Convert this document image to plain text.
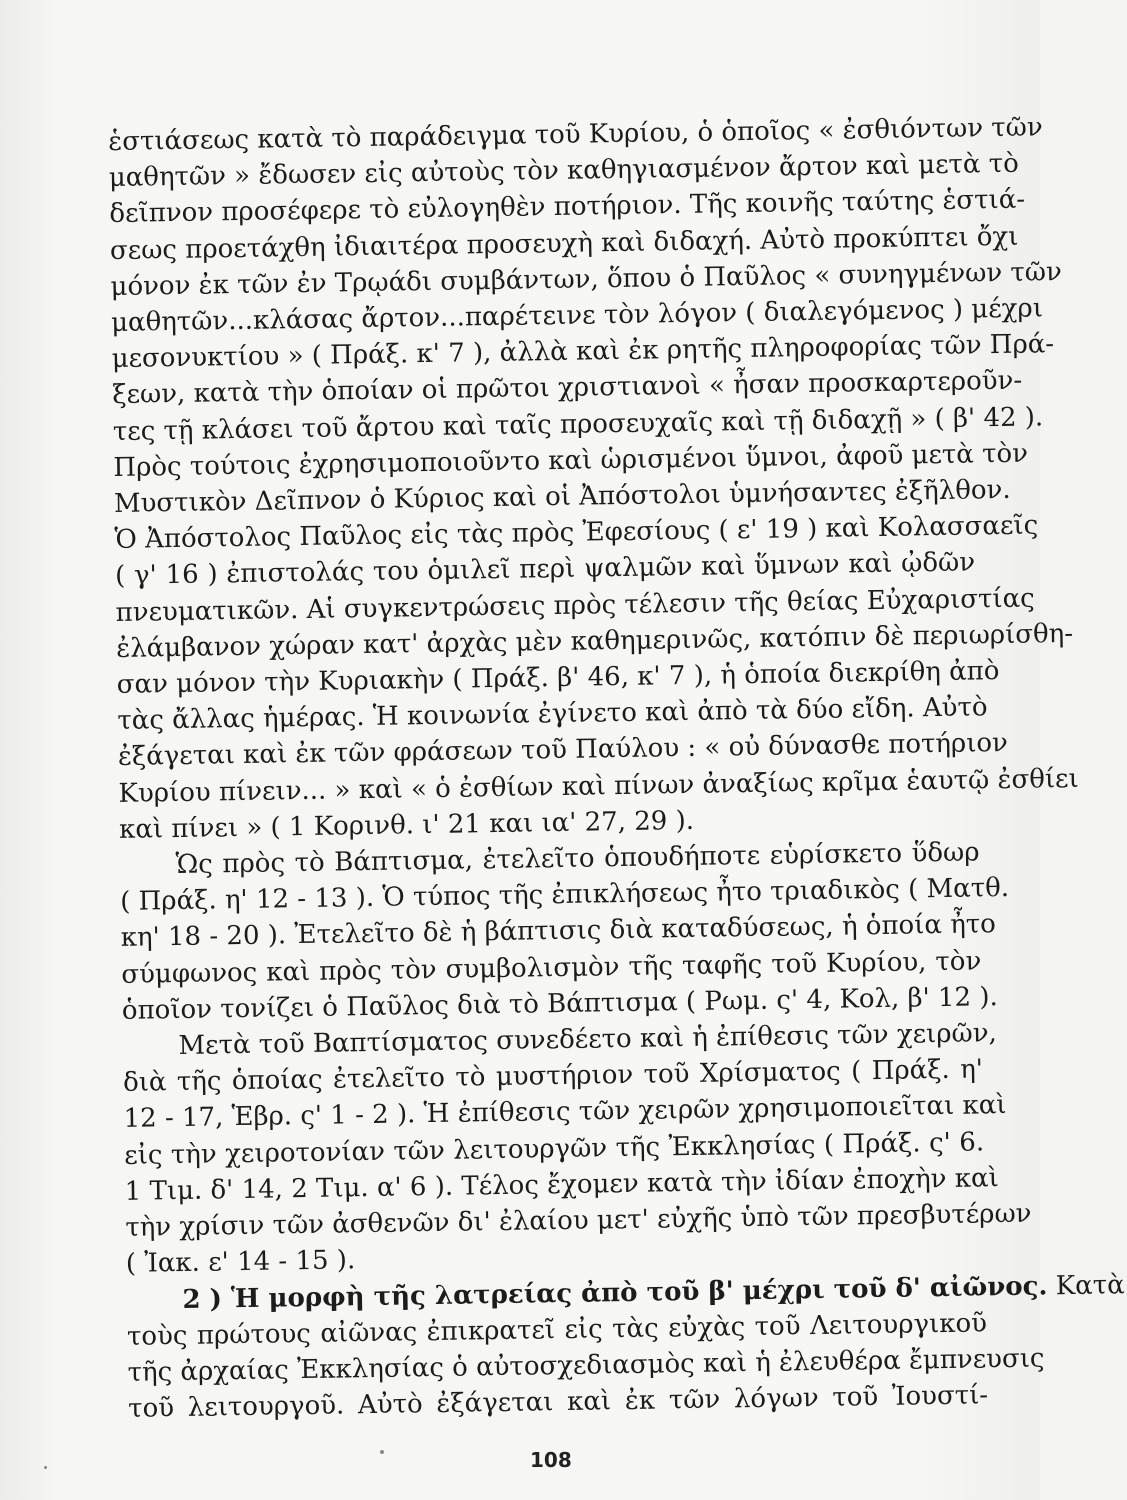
ἑστιάσεως κατὰ τὸ παράδειγμα τοῦ Κυρίου, ὁ ὁποῖος « ἐσθιόντων τῶν
μαθητῶν » ἔδωσεν εἰς αὐτοὺς τὸν καθηγιασμένον ἄρτον καὶ μετὰ τὸ
δεῖπνον προσέφερε τὸ εὐλογηθὲν ποτήριον. Τῆς κοινῆς ταύτης ἑστιά-
σεως προετάχθη ἰδιαιτέρα προσευχὴ καὶ διδαχή. Αὐτὸ προκύπτει ὄχι
μόνον ἐκ τῶν ἐν Τρῳάδι συμβάντων, ὅπου ὁ Παῦλος « συνηγμένων τῶν
μαθητῶν...κλάσας ἄρτον...παρέτεινε τὸν λόγον ( διαλεγόμενος ) μέχρι
μεσονυκτίου » ( Πράξ. κ' 7 ), ἀλλὰ καὶ ἐκ ρητῆς πληροφορίας τῶν Πρά-
ξεων, κατὰ τὴν ὁποίαν οἱ πρῶτοι χριστιανοὶ « ἦσαν προσκαρτεροῦν-
τες τῇ κλάσει τοῦ ἄρτου καὶ ταῖς προσευχαῖς καὶ τῇ διδαχῇ » ( β' 42 ).
Πρὸς τούτοις ἐχρησιμοποιοῦντο καὶ ὡρισμένοι ὕμνοι, ἀφοῦ μετὰ τὸν
Μυστικὸν Δεῖπνον ὁ Κύριος καὶ οἱ Ἀπόστολοι ὑμνήσαντες ἐξῆλθον.
Ὁ Ἀπόστολος Παῦλος εἰς τὰς πρὸς Ἐφεσίους ( ε' 19 ) καὶ Κολασσαεῖς
( γ' 16 ) ἐπιστολάς του ὁμιλεῖ περὶ ψαλμῶν καὶ ὕμνων καὶ ᾠδῶν
πνευματικῶν. Αἱ συγκεντρώσεις πρὸς τέλεσιν τῆς θείας Εὐχαριστίας
ἐλάμβανον χώραν κατ' ἀρχὰς μὲν καθημερινῶς, κατόπιν δὲ περιωρίσθη-
σαν μόνον τὴν Κυριακὴν ( Πράξ. β' 46, κ' 7 ), ἡ ὁποία διεκρίθη ἀπὸ
τὰς ἄλλας ἡμέρας. Ἡ κοινωνία ἐγίνετο καὶ ἀπὸ τὰ δύο εἴδη. Αὐτὸ
ἐξάγεται καὶ ἐκ τῶν φράσεων τοῦ Παύλου : « οὐ δύνασθε ποτήριον
Κυρίου πίνειν... » καὶ « ὁ ἐσθίων καὶ πίνων ἀναξίως κρῖμα ἑαυτῷ ἐσθίει
καὶ πίνει » ( 1 Κορινθ. ι' 21 και ια' 27, 29 ).
Ὡς πρὸς τὸ Βάπτισμα, ἐτελεῖτο ὁπουδήποτε εὑρίσκετο ὕδωρ
( Πράξ. η' 12 - 13 ). Ὁ τύπος τῆς ἐπικλήσεως ἦτο τριαδικὸς ( Ματθ.
κη' 18 - 20 ). Ἐτελεῖτο δὲ ἡ βάπτισις διὰ καταδύσεως, ἡ ὁποία ἦτο
σύμφωνος καὶ πρὸς τὸν συμβολισμὸν τῆς ταφῆς τοῦ Κυρίου, τὸν
ὁποῖον τονίζει ὁ Παῦλος διὰ τὸ Βάπτισμα ( Ρωμ. ς' 4, Κολ, β' 12 ).
Μετὰ τοῦ Βαπτίσματος συνεδέετο καὶ ἡ ἐπίθεσις τῶν χειρῶν,
διὰ τῆς ὁποίας ἐτελεῖτο τὸ μυστήριον τοῦ Χρίσματος ( Πράξ. η'
12 - 17, Ἑβρ. ς' 1 - 2 ). Ἡ ἐπίθεσις τῶν χειρῶν χρησιμοποιεῖται καὶ
εἰς τὴν χειροτονίαν τῶν λειτουργῶν τῆς Ἐκκλησίας ( Πράξ. ς' 6.
1 Τιμ. δ' 14, 2 Τιμ. α' 6 ). Τέλος ἔχομεν κατὰ τὴν ἰδίαν ἐποχὴν καὶ
τὴν χρίσιν τῶν ἀσθενῶν δι' ἐλαίου μετ' εὐχῆς ὑπὸ τῶν πρεσβυτέρων
( Ἰακ. ε' 14 - 15 ).
2 ) Ἡ μορφὴ τῆς λατρείας ἀπὸ τοῦ β' μέχρι τοῦ δ' αἰῶνος. Κατὰ
τοὺς πρώτους αἰῶνας ἐπικρατεῖ εἰς τὰς εὐχὰς τοῦ Λειτουργικοῦ
τῆς ἀρχαίας Ἐκκλησίας ὁ αὐτοσχεδιασμὸς καὶ ἡ ἐλευθέρα ἔμπνευσις
τοῦ λειτουργοῦ. Αὐτὸ ἐξάγεται καὶ ἐκ τῶν λόγων τοῦ Ἰουστί-
108
